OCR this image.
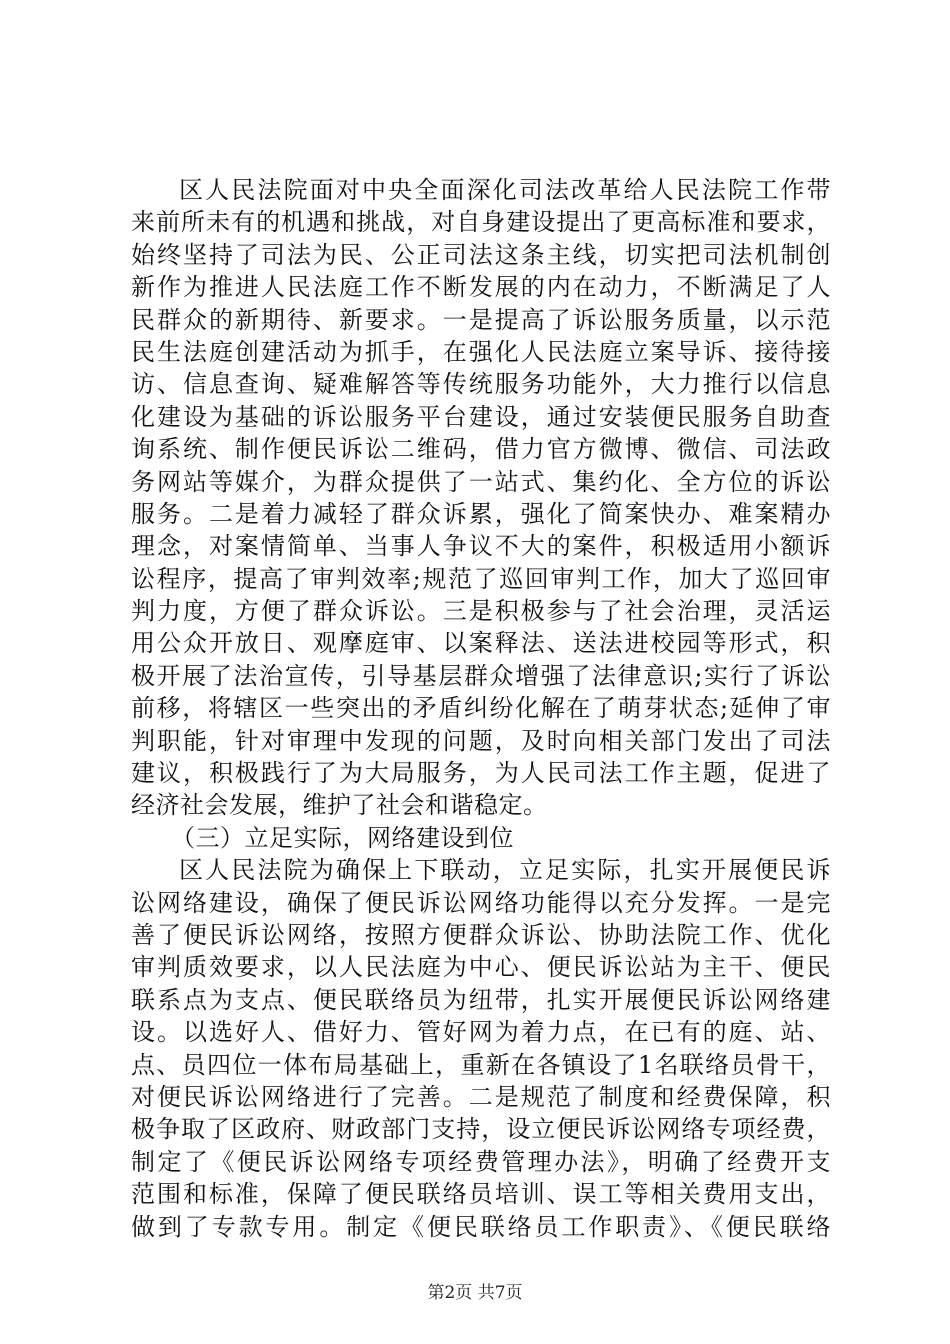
区人民法院面对中央全面深化司法改革给人民法院工作带
来前所未有的机遇和挑战，对自身建设提出了更高标准和要求，
始终坚持了司法为民、公正司法这条主线，切实把司法机制创
新作为推进人民法庭工作不断发展的内在动力，不断满足了人
民群众的新期待、新要求。一是提高了诉讼服务质量，以示范
民生法庭创建活动为抓手，在强化人民法庭立案导诉、接待接
访、信息查询、疑难解答等传统服务功能外，大力推行以信息
化建设为基础的诉讼服务平台建设，通过安装便民服务自助查
询系统、制作便民诉讼二维码，借力官方微博、微信、司法政
务网站等媒介，为群众提供了一站式、集约化、全方位的诉讼
服务。二是着力减轻了群众诉累，强化了简案快办、难案精办
理念，对案情简单、当事人争议不大的案件，积极适用小额诉
讼程序，提高了审判效率;规范了巡回审判工作，加大了巡回审
判力度，方便了群众诉讼。三是积极参与了社会治理，灵活运
用公众开放日、观摩庭审、以案释法、送法进校园等形式，积
极开展了法治宣传，引导基层群众增强了法律意识;实行了诉讼
前移，将辖区一些突出的矛盾纠纷化解在了萌芽状态;延伸了审
判职能，针对审理中发现的问题，及时向相关部门发出了司法
建议，积极践行了为大局服务，为人民司法工作主题，促进了
经济社会发展，维护了社会和谐稳定。
（三）立足实际，网络建设到位
区人民法院为确保上下联动，立足实际，扎实开展便民诉
讼网络建设，确保了便民诉讼网络功能得以充分发挥。一是完
善了便民诉讼网络，按照方便群众诉讼、协助法院工作、优化
审判质效要求，以人民法庭为中心、便民诉讼站为主干、便民
联系点为支点、便民联络员为纽带，扎实开展便民诉讼网络建
设。以选好人、借好力、管好网为着力点，在已有的庭、站、
点、员四位一体布局基础上，重新在各镇设了1名联络员骨干，
对便民诉讼网络进行了完善。二是规范了制度和经费保障，积
极争取了区政府、财政部门支持，设立便民诉讼网络专项经费，
制定了《便民诉讼网络专项经费管理办法》，明确了经费开支
范围和标准，保障了便民联络员培训、误工等相关费用支出，
做到了专款专用。制定《便民联络员工作职责》、《便民联络
第2页 共7页
